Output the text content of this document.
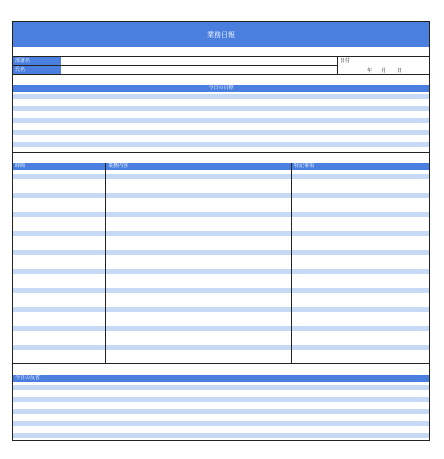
業務日報
部署名
氏名
日付
年 月 日
今日の目標
時間	業務内容	特記事項
今日の反省
